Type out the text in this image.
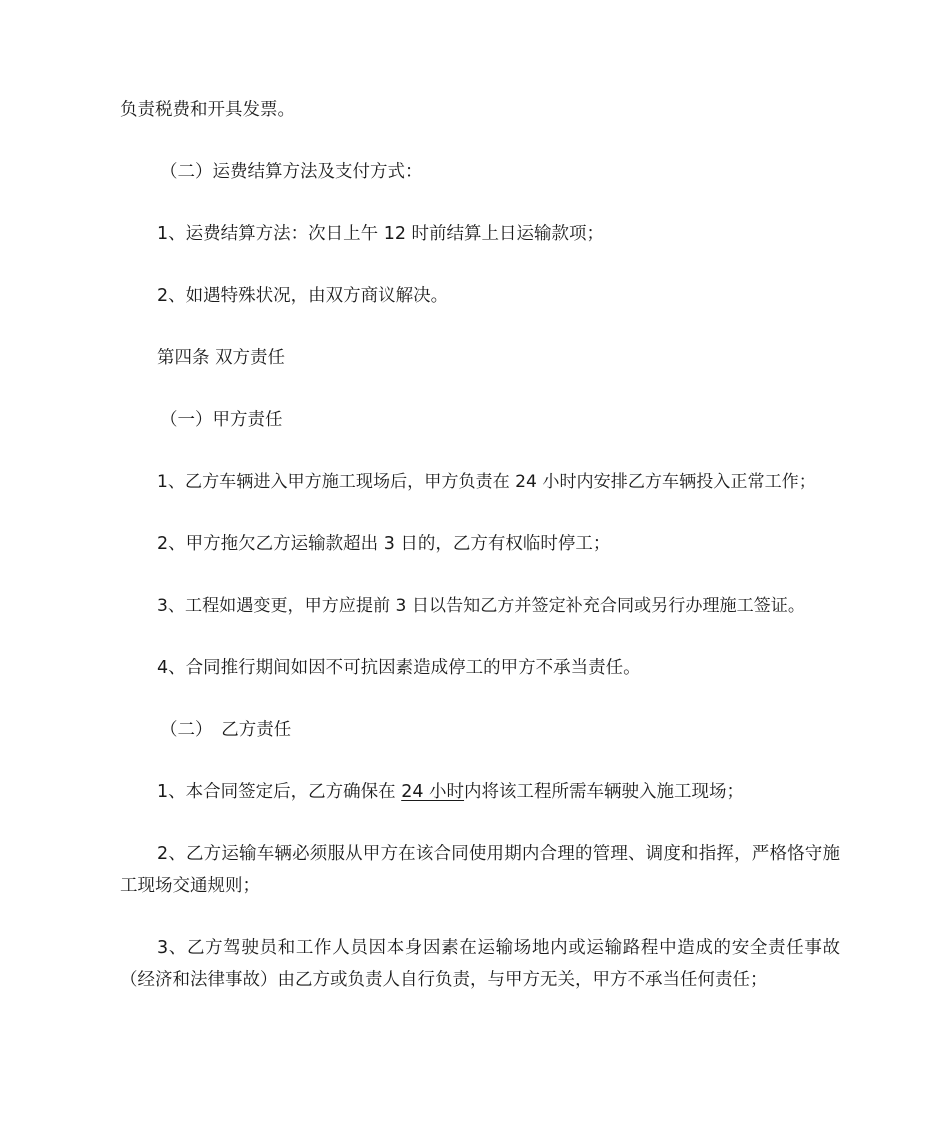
负责税费和开具发票。
（二）运费结算方法及支付方式：
1、运费结算方法：次日上午 12 时前结算上日运输款项；
2、如遇特殊状况，由双方商议解决。
第四条 双方责任
（一）甲方责任
1、乙方车辆进入甲方施工现场后，甲方负责在 24 小时内安排乙方车辆投入正常工作；
2、甲方拖欠乙方运输款超出 3 日的，乙方有权临时停工；
3、工程如遇变更，甲方应提前 3 日以告知乙方并签定补充合同或另行办理施工签证。
4、合同推行期间如因不可抗因素造成停工的甲方不承当责任。
（二）　乙方责任
1、本合同签定后，乙方确保在 24 小时内将该工程所需车辆驶入施工现场；
2、乙方运输车辆必须服从甲方在该合同使用期内合理的管理、调度和指挥，严格恪守施工现场交通规则；
3、乙方驾驶员和工作人员因本身因素在运输场地内或运输路程中造成的安全责任事故（经济和法律事故）由乙方或负责人自行负责，与甲方无关，甲方不承当任何责任；
